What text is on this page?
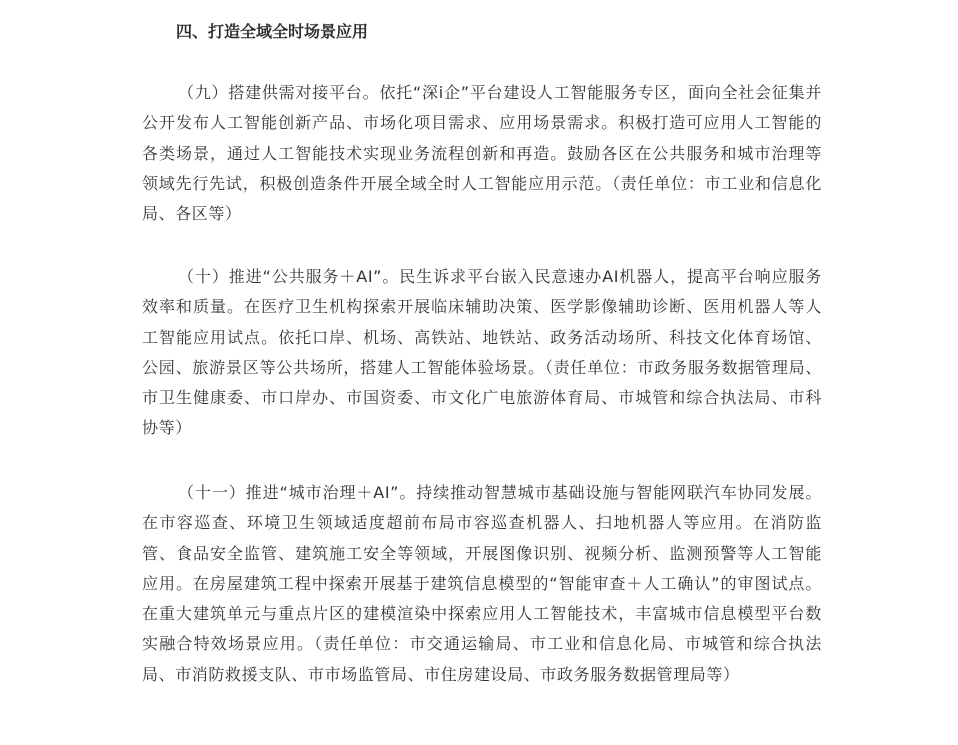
四、打造全域全时场景应用

（九）搭建供需对接平台。依托“深i企”平台建设人工智能服务专区，面向全社会征集并公开发布人工智能创新产品、市场化项目需求、应用场景需求。积极打造可应用人工智能的各类场景，通过人工智能技术实现业务流程创新和再造。鼓励各区在公共服务和城市治理等领域先行先试，积极创造条件开展全域全时人工智能应用示范。（责任单位：市工业和信息化局、各区等）

（十）推进“公共服务＋AI”。民生诉求平台嵌入民意速办AI机器人，提高平台响应服务效率和质量。在医疗卫生机构探索开展临床辅助决策、医学影像辅助诊断、医用机器人等人工智能应用试点。依托口岸、机场、高铁站、地铁站、政务活动场所、科技文化体育场馆、公园、旅游景区等公共场所，搭建人工智能体验场景。（责任单位：市政务服务数据管理局、市卫生健康委、市口岸办、市国资委、市文化广电旅游体育局、市城管和综合执法局、市科协等）

（十一）推进“城市治理＋AI”。持续推动智慧城市基础设施与智能网联汽车协同发展。在市容巡查、环境卫生领域适度超前布局市容巡查机器人、扫地机器人等应用。在消防监管、食品安全监管、建筑施工安全等领域，开展图像识别、视频分析、监测预警等人工智能应用。在房屋建筑工程中探索开展基于建筑信息模型的“智能审查＋人工确认”的审图试点。在重大建筑单元与重点片区的建模渲染中探索应用人工智能技术，丰富城市信息模型平台数实融合特效场景应用。（责任单位：市交通运输局、市工业和信息化局、市城管和综合执法局、市消防救援支队、市市场监管局、市住房建设局、市政务服务数据管理局等）
